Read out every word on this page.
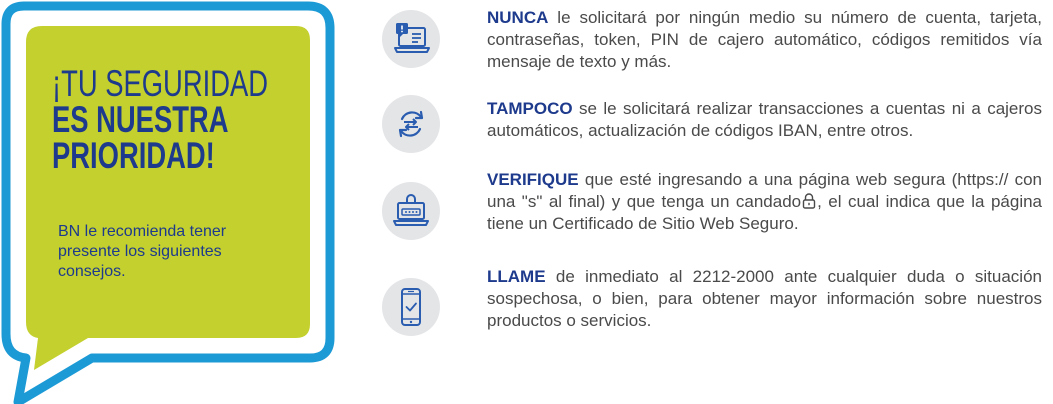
¡TU SEGURIDAD
ES NUESTRA
PRIORIDAD!
BN le recomienda tener presente los siguientes consejos.
NUNCA le solicitará por ningún medio su número de cuenta, tarjeta, contraseñas, token, PIN de cajero automático, códigos remitidos vía mensaje de texto y más.
TAMPOCO se le solicitará realizar transacciones a cuentas ni a cajeros automáticos, actualización de códigos IBAN, entre otros.
VERIFIQUE que esté ingresando a una página web segura (https:// con una "s" al final) y que tenga un candado , el cual indica que la página tiene un Certificado de Sitio Web Seguro.
LLAME de inmediato al 2212-2000 ante cualquier duda o situación sospechosa, o bien, para obtener mayor información sobre nuestros productos o servicios.
